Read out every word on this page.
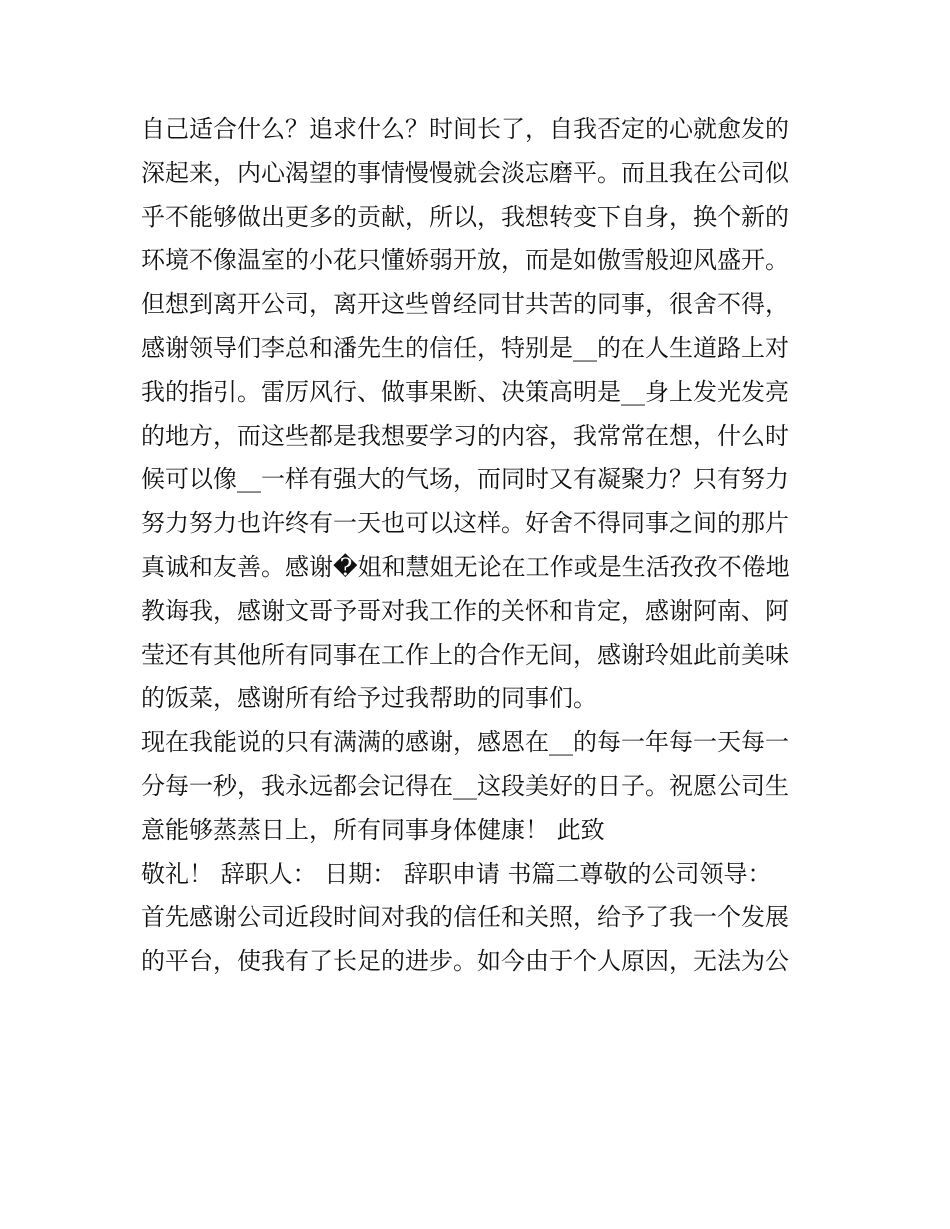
自己适合什么？追求什么？时间长了，自我否定的心就愈发的
深起来，内心渴望的事情慢慢就会淡忘磨平。而且我在公司似
乎不能够做出更多的贡献，所以，我想转变下自身，换个新的
环境不像温室的小花只懂娇弱开放，而是如傲雪般迎风盛开。
但想到离开公司，离开这些曾经同甘共苦的同事，很舍不得，
感谢领导们李总和潘先生的信任，特别是__的在人生道路上对
我的指引。雷厉风行、做事果断、决策高明是__身上发光发亮
的地方，而这些都是我想要学习的内容，我常常在想，什么时
候可以像__一样有强大的气场，而同时又有凝聚力？只有努力
努力努力也许终有一天也可以这样。好舍不得同事之间的那片
真诚和友善。感谢�姐和慧姐无论在工作或是生活孜孜不倦地
教诲我，感谢文哥予哥对我工作的关怀和肯定，感谢阿南、阿
莹还有其他所有同事在工作上的合作无间，感谢玲姐此前美味
的饭菜，感谢所有给予过我帮助的同事们。
现在我能说的只有满满的感谢，感恩在__的每一年每一天每一
分每一秒，我永远都会记得在__这段美好的日子。祝愿公司生
意能够蒸蒸日上，所有同事身体健康！ 此致
敬礼！ 辞职人： 日期： 辞职申请 书篇二尊敬的公司领导：
首先感谢公司近段时间对我的信任和关照，给予了我一个发展
的平台，使我有了长足的进步。如今由于个人原因，无法为公
